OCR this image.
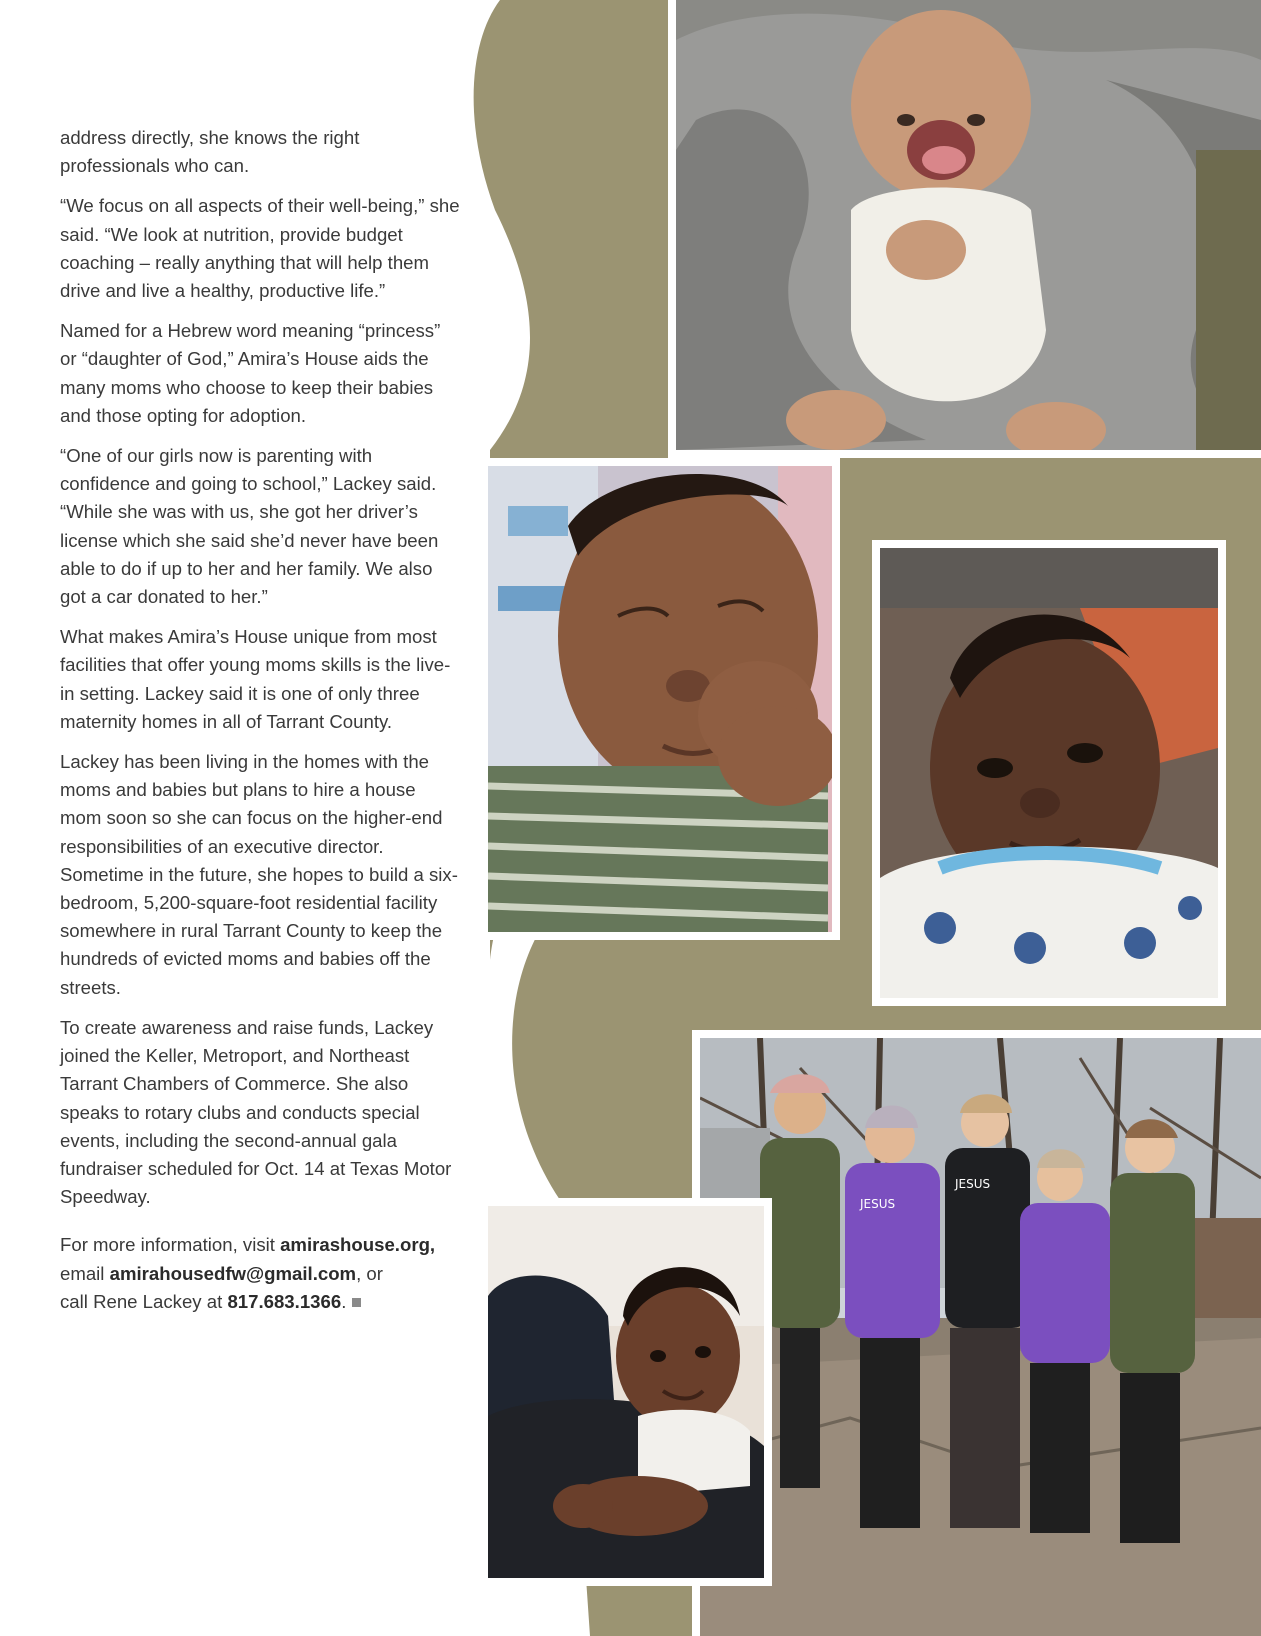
address directly, she knows the right professionals who can.

“We focus on all aspects of their well-being,” she said. “We look at nutrition, provide budget coaching – really anything that will help them drive and live a healthy, productive life.”

Named for a Hebrew word meaning “princess” or “daughter of God,” Amira’s House aids the many moms who choose to keep their babies and those opting for adoption.

“One of our girls now is parenting with confidence and going to school,” Lackey said. “While she was with us, she got her driver’s license which she said she’d never have been able to do if up to her and her family. We also got a car donated to her.”

What makes Amira’s House unique from most facilities that offer young moms skills is the live-in setting. Lackey said it is one of only three maternity homes in all of Tarrant County.

Lackey has been living in the homes with the moms and babies but plans to hire a house mom soon so she can focus on the higher-end responsibilities of an executive director. Sometime in the future, she hopes to build a six-bedroom, 5,200-square-foot residential facility somewhere in rural Tarrant County to keep the hundreds of evicted moms and babies off the streets.

To create awareness and raise funds, Lackey joined the Keller, Metroport, and Northeast Tarrant Chambers of Commerce. She also speaks to rotary clubs and conducts special events, including the second-annual gala fundraiser scheduled for Oct. 14 at Texas Motor Speedway.

For more information, visit amirashouse.org,
email amirahousedfw@gmail.com, or
call Rene Lackey at 817.683.1366.

JESUS
JESUS
